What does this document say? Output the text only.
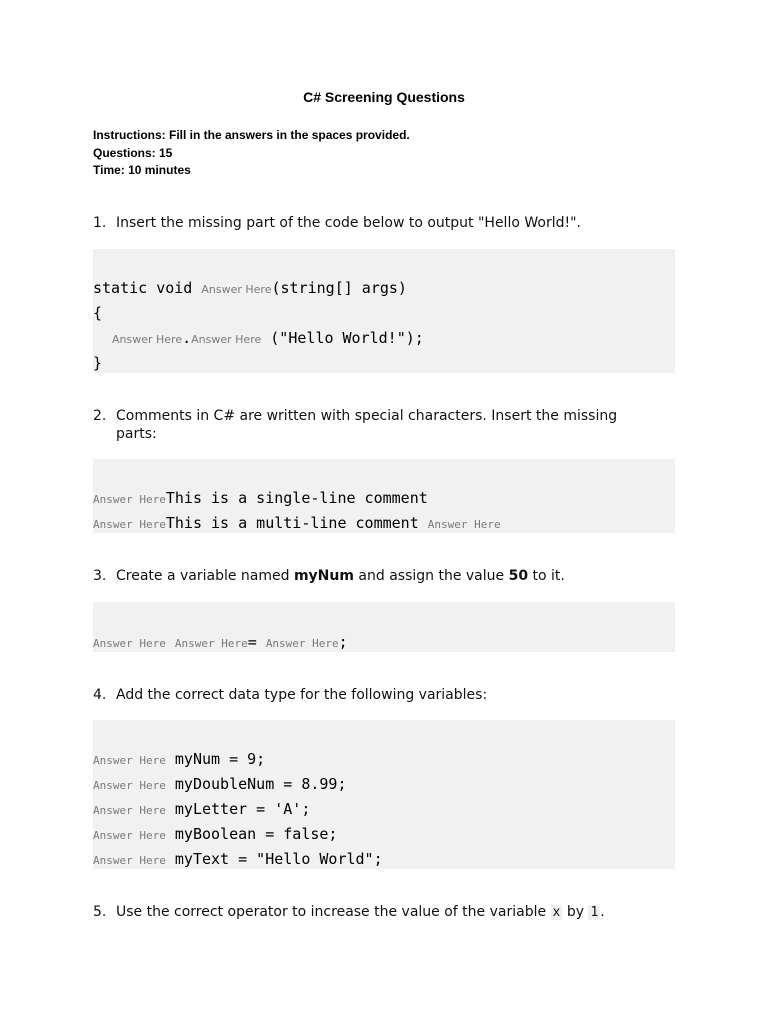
C# Screening Questions
Instructions: Fill in the answers in the spaces provided.
Questions: 15
Time: 10 minutes
1. Insert the missing part of the code below to output "Hello World!".
static void Answer Here(string[] args)
{
Answer Here.Answer Here ("Hello World!");
}
2. Comments in C# are written with special characters. Insert the missing
parts:
Answer HereThis is a single-line comment
Answer HereThis is a multi-line comment Answer Here
3. Create a variable named myNum and assign the value 50 to it.
Answer Here Answer Here= Answer Here;
4. Add the correct data type for the following variables:
Answer Here myNum = 9;
Answer Here myDoubleNum = 8.99;
Answer Here myLetter = 'A';
Answer Here myBoolean = false;
Answer Here myText = "Hello World";
5. Use the correct operator to increase the value of the variable x by 1 .
